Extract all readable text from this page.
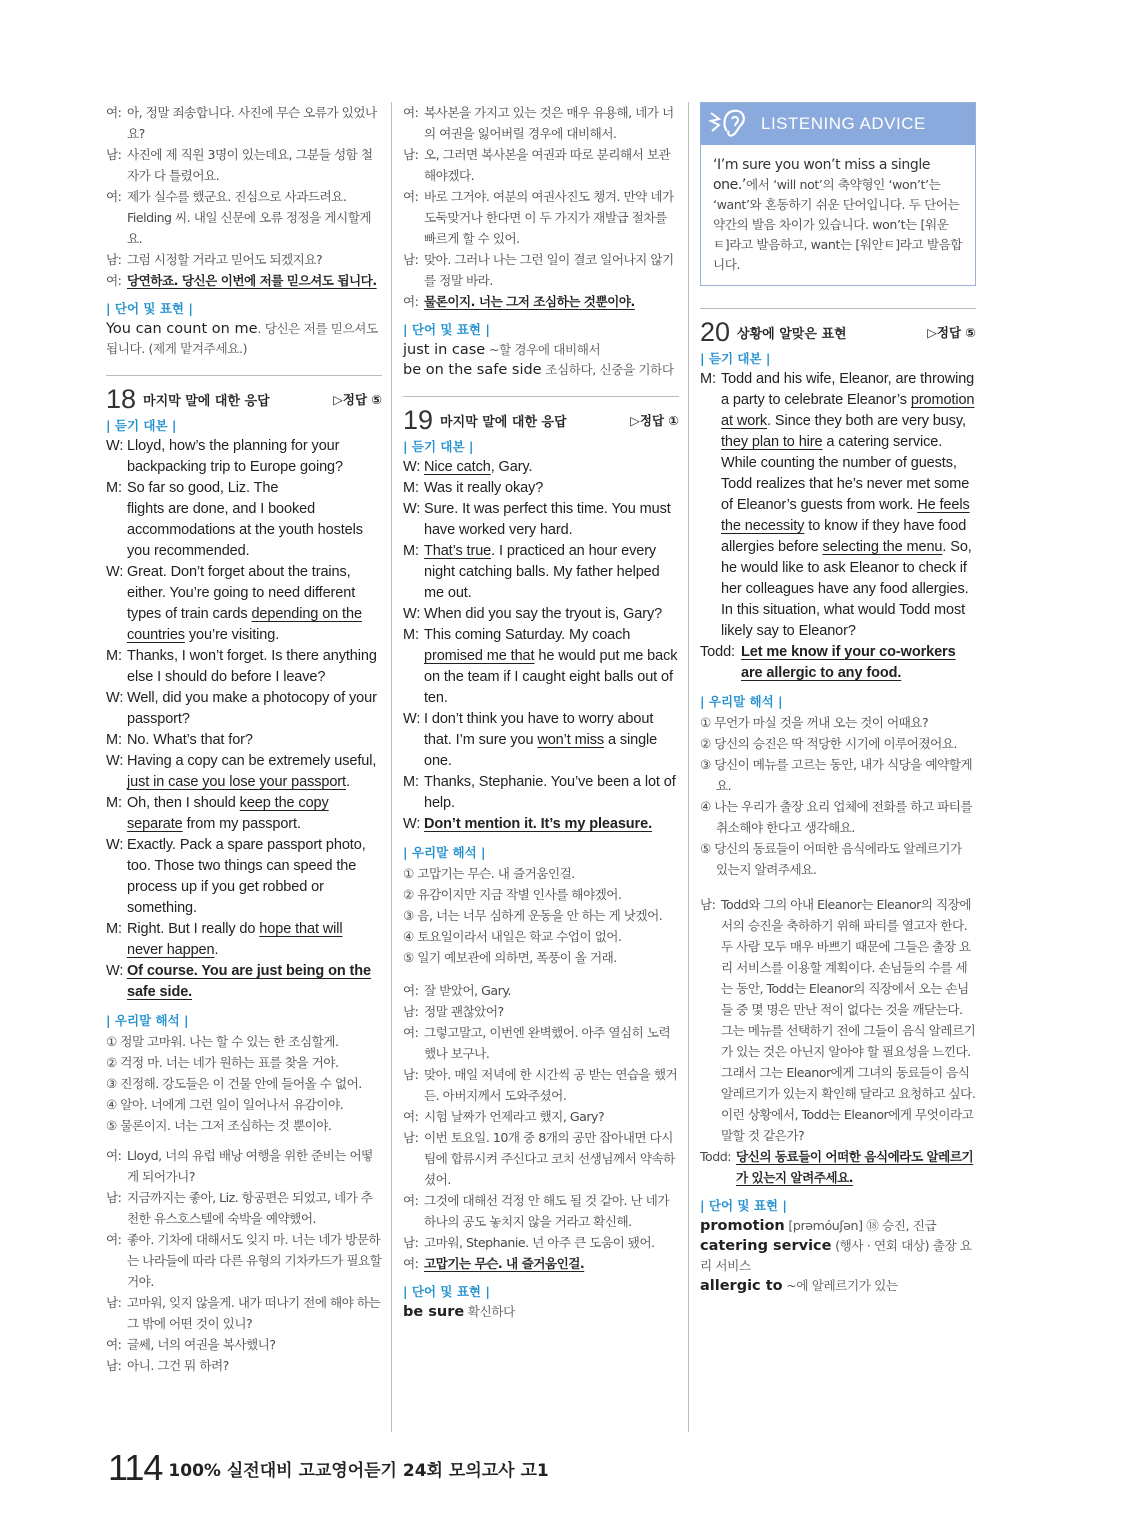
여: 아, 정말 죄송합니다. 사진에 무슨 오류가 있었나요?
남: 사진에 제 직원 3명이 있는데요, 그분들 성함 철자가 다 틀렸어요.
여: 제가 실수를 했군요. 진심으로 사과드려요. Fielding 씨. 내일 신문에 오류 정정을 게시할게요.
남: 그럼 시정할 거라고 믿어도 되겠지요?
여: 당연하죠. 당신은 이번에 저를 믿으셔도 됩니다.
| 단어 및 표현 |
You can count on me. 당신은 저를 믿으셔도 됩니다. (제게 맡겨주세요.)
18 마지막 말에 대한 응답	▷정답 ⑤
| 듣기 대본 |
W: Lloyd, how’s the planning for your backpacking trip to Europe going?
M: So far so good, Liz. The
flights are done, and I booked accommodations at the youth hostels you recommended.
W: Great. Don’t forget about the trains, either. You’re going to need different types of train cards depending on the countries you’re visiting.
M: Thanks, I won’t forget. Is there anything else I should do before I leave?
W: Well, did you make a photocopy of your passport?
M: No. What’s that for?
W: Having a copy can be extremely useful, just in case you lose your passport.
M: Oh, then I should keep the copy separate from my passport.
W: Exactly. Pack a spare passport photo, too. Those two things can speed the process up if you get robbed or something.
M: Right. But I really do hope that will never happen.
W: Of course. You are just being on the safe side.
| 우리말 해석 |
① 정말 고마워. 나는 할 수 있는 한 조심할게.
② 걱정 마. 너는 네가 원하는 표를 찾을 거야.
③ 진정해. 강도들은 이 건물 안에 들어올 수 없어.
④ 알아. 너에게 그런 일이 일어나서 유감이야.
⑤ 물론이지. 너는 그저 조심하는 것 뿐이야.
여: Lloyd, 너의 유럽 배낭 여행을 위한 준비는 어떻게 되어가니?
남: 지금까지는 좋아, Liz. 항공편은 되었고, 네가 추천한 유스호스텔에 숙박을 예약했어.
여: 좋아. 기차에 대해서도 잊지 마. 너는 네가 방문하는 나라들에 따라 다른 유형의 기차카드가 필요할 거야.
남: 고마워, 잊지 않을게. 내가 떠나기 전에 해야 하는 그 밖에 어떤 것이 있니?
여: 글쎄, 너의 여권을 복사했니?
남: 아니. 그건 뭐 하려?
여: 복사본을 가지고 있는 것은 매우 유용해, 네가 너의 여권을 잃어버릴 경우에 대비해서.
남: 오, 그러면 복사본을 여권과 따로 분리해서 보관해야겠다.
여: 바로 그거야. 여분의 여권사진도 챙겨. 만약 네가 도둑맞거나 한다면 이 두 가지가 재발급 절차를 빠르게 할 수 있어.
남: 맞아. 그러나 나는 그런 일이 결코 일어나지 않기를 정말 바라.
여: 물론이지. 너는 그저 조심하는 것뿐이야.
| 단어 및 표현 |
just in case ~할 경우에 대비해서
be on the safe side 조심하다, 신중을 기하다
19 마지막 말에 대한 응답	▷정답 ①
| 듣기 대본 |
W: Nice catch, Gary.
M: Was it really okay?
W: Sure. It was perfect this time. You must have worked very hard.
M: That’s true. I practiced an hour every night catching balls. My father helped me out.
W: When did you say the tryout is, Gary?
M: This coming Saturday. My coach promised me that he would put me back on the team if I caught eight balls out of ten.
W: I don’t think you have to worry about that. I’m sure you won’t miss a single one.
M: Thanks, Stephanie. You’ve been a lot of help.
W: Don’t mention it. It’s my pleasure.
| 우리말 해석 |
① 고맙기는 무슨. 내 즐거움인걸.
② 유감이지만 지금 작별 인사를 해야겠어.
③ 음, 너는 너무 심하게 운동을 안 하는 게 낫겠어.
④ 토요일이라서 내일은 학교 수업이 없어.
⑤ 일기 예보관에 의하면, 폭풍이 올 거래.
여: 잘 받았어, Gary.
남: 정말 괜찮았어?
여: 그렇고말고, 이번엔 완벽했어. 아주 열심히 노력했나 보구나.
남: 맞아. 매일 저녁에 한 시간씩 공 받는 연습을 했거든. 아버지께서 도와주셨어.
여: 시험 날짜가 언제라고 했지, Gary?
남: 이번 토요일. 10개 중 8개의 공만 잡아내면 다시 팀에 합류시켜 주신다고 코치 선생님께서 약속하셨어.
여: 그것에 대해선 걱정 안 해도 될 것 같아. 난 네가 하나의 공도 놓치지 않을 거라고 확신해.
남: 고마워, Stephanie. 넌 아주 큰 도움이 됐어.
여: 고맙기는 무슨. 내 즐거움인걸.
| 단어 및 표현 |
be sure 확신하다
LISTENING ADVICE
‘I’m sure you won’t miss a single one.’에서 ‘will not’의 축약형인 ‘won’t’는 ‘want’와 혼동하기 쉬운 단어입니다. 두 단어는 약간의 발음 차이가 있습니다. won’t는 [워운ㅌ]라고 발음하고, want는 [워안ㅌ]라고 발음합니다.
20 상황에 알맞은 표현	▷정답 ⑤
| 듣기 대본 |
M: Todd and his wife, Eleanor, are throwing a party to celebrate Eleanor’s promotion at work. Since they both are very busy, they plan to hire a catering service. While counting the number of guests, Todd realizes that he’s never met some of Eleanor’s guests from work. He feels the necessity to know if they have food allergies before selecting the menu. So, he would like to ask Eleanor to check if her colleagues have any food allergies. In this situation, what would Todd most likely say to Eleanor?
Todd: Let me know if your co-workers are allergic to any food.
| 우리말 해석 |
① 무언가 마실 것을 꺼내 오는 것이 어때요?
② 당신의 승진은 딱 적당한 시기에 이루어졌어요.
③ 당신이 메뉴를 고르는 동안, 내가 식당을 예약할게요.
④ 나는 우리가 출장 요리 업체에 전화를 하고 파티를 취소해야 한다고 생각해요.
⑤ 당신의 동료들이 어떠한 음식에라도 알레르기가 있는지 알려주세요.
남: Todd와 그의 아내 Eleanor는 Eleanor의 직장에서의 승진을 축하하기 위해 파티를 열고자 한다. 두 사람 모두 매우 바쁘기 때문에 그들은 출장 요리 서비스를 이용할 계획이다. 손님들의 수를 세는 동안, Todd는 Eleanor의 직장에서 오는 손님들 중 몇 명은 만난 적이 없다는 것을 깨닫는다. 그는 메뉴를 선택하기 전에 그들이 음식 알레르기가 있는 것은 아닌지 알아야 할 필요성을 느낀다. 그래서 그는 Eleanor에게 그녀의 동료들이 음식 알레르기가 있는지 확인해 달라고 요청하고 싶다. 이런 상황에서, Todd는 Eleanor에게 무엇이라고 말할 것 같은가?
Todd: 당신의 동료들이 어떠한 음식에라도 알레르기가 있는지 알려주세요.
| 단어 및 표현 |
promotion [prəmóuʃən] ⑱ 승진, 진급
catering service (행사 · 연회 대상) 출장 요리 서비스
allergic to ~에 알레르기가 있는
114 100% 실전대비 고교영어듣기 24회 모의고사 고1
